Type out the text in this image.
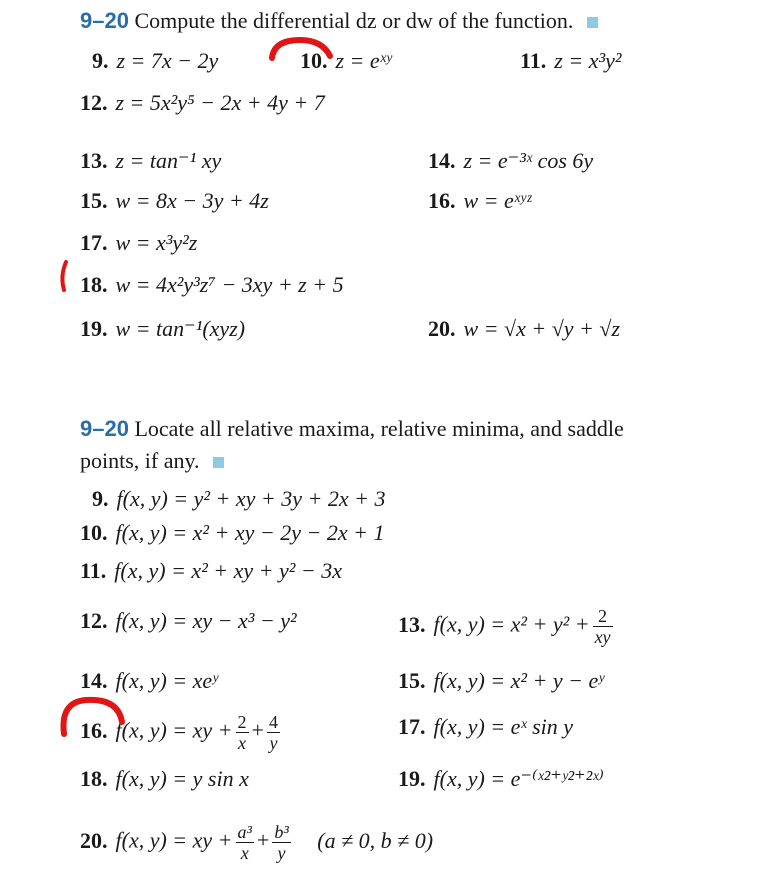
9–20 Compute the differential dz or dw of the function.
9. z = 7x − 2y	10. z = eˣʸ	11. z = x³y²
12. z = 5x²y⁵ − 2x + 4y + 7
13. z = tan⁻¹ xy	14. z = e⁻³ˣ cos 6y
15. w = 8x − 3y + 4z	16. w = eˣʸᶻ
17. w = x³y²z
18. w = 4x²y³z⁷ − 3xy + z + 5
19. w = tan⁻¹(xyz)	20. w = √x + √y + √z
9–20 Locate all relative maxima, relative minima, and saddle
points, if any.
9. f(x, y) = y² + xy + 3y + 2x + 3
10. f(x, y) = x² + xy − 2y − 2x + 1
11. f(x, y) = x² + xy + y² − 3x
12. f(x, y) = xy − x³ − y²	13. f(x, $y) = x^2 + y^2 + \frac{2}{xy}$
14. f(x, y) = xeʸ	15. f(x, y) = x² + y − eʸ
16. f(x, y) = xy + $\frac{2}{x} + \frac{4}{y}$	17. f(x, y) = eˣ sin y
18. f(x, y) = y sin x	19. f(x, y) = e⁻⁽ˣ²⁺ʸ²⁺²ˣ⁾
20. f(x, y) = xy + $\frac{\text{a³}}{x} + \frac{\text{b³}}{y} (a \ne 0$, b ≠ 0)
